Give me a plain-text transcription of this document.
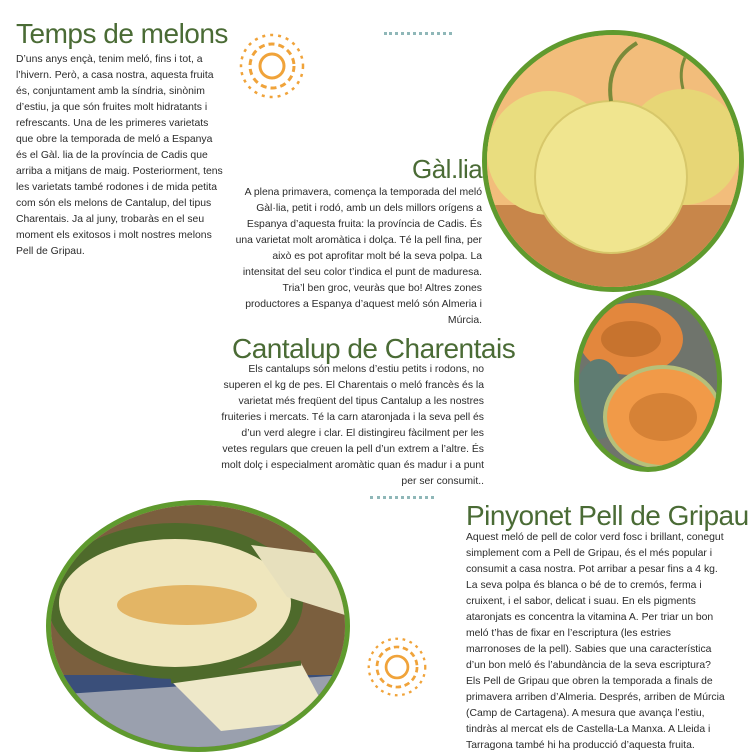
Temps de melons

D’uns anys ençà, tenim meló, fins i tot, a l’hivern. Però, a casa nostra, aquesta fruita és, conjuntament amb la síndria, sinònim d’estiu, ja que són fruites molt hidratants i refrescants. Una de les primeres varietats que obre la temporada de meló a Espanya és el Gàl. lia de la província de Cadis que arriba a mitjans de maig. Posteriorment, tens les varietats també rodones i de mida petita com són els melons de Cantalup, del tipus Charentais. Ja al juny, trobaràs en el seu moment els exitosos i molt nostres melons Pell de Gripau.

Gàl.lia

A plena primavera, comença la temporada del meló Gàl·lia, petit i rodó, amb un dels millors orígens a Espanya d’aquesta fruita: la província de Cadis. És una varietat molt aromàtica i dolça. Té la pell fina, per això es pot aprofitar molt bé la seva polpa. La intensitat del seu color t’indica el punt de maduresa. Tria’l ben groc, veuràs que bo! Altres zones productores a Espanya d’aquest meló són Almeria i Múrcia.

Cantalup de Charentais

Els cantalups són melons d’estiu petits i rodons, no superen el kg de pes. El Charentais o meló francès és la varietat més freqüent del tipus Cantalup a les nostres fruiteries i mercats. Té la carn ataronjada i la seva pell és d’un verd alegre i clar. El distingireu fàcilment per les vetes regulars que creuen la pell d’un extrem a l’altre. És molt dolç i especialment aromàtic quan és madur i a punt per ser consumit..

Pinyonet Pell de Gripau

Aquest meló de pell de color verd fosc i brillant, conegut simplement com a Pell de Gripau, és el més popular i consumit a casa nostra. Pot arribar a pesar fins a 4 kg. La seva polpa és blanca o bé de to cremós, ferma i cruixent, i el sabor, delicat i suau. En els pigments ataronjats es concentra la vitamina A. Per triar un bon meló t’has de fixar en l’escriptura (les estries marronoses de la pell). Sabies que una característica d’un bon meló és l’abundància de la seva escriptura? Els Pell de Gripau que obren la temporada a finals de primavera arriben d’Almeria. Després, arriben de Múrcia (Camp de Cartagena). A mesura que avança l’estiu, tindràs al mercat els de Castella-La Manxa. A Lleida i Tarragona també hi ha producció d’aquesta fruita.
